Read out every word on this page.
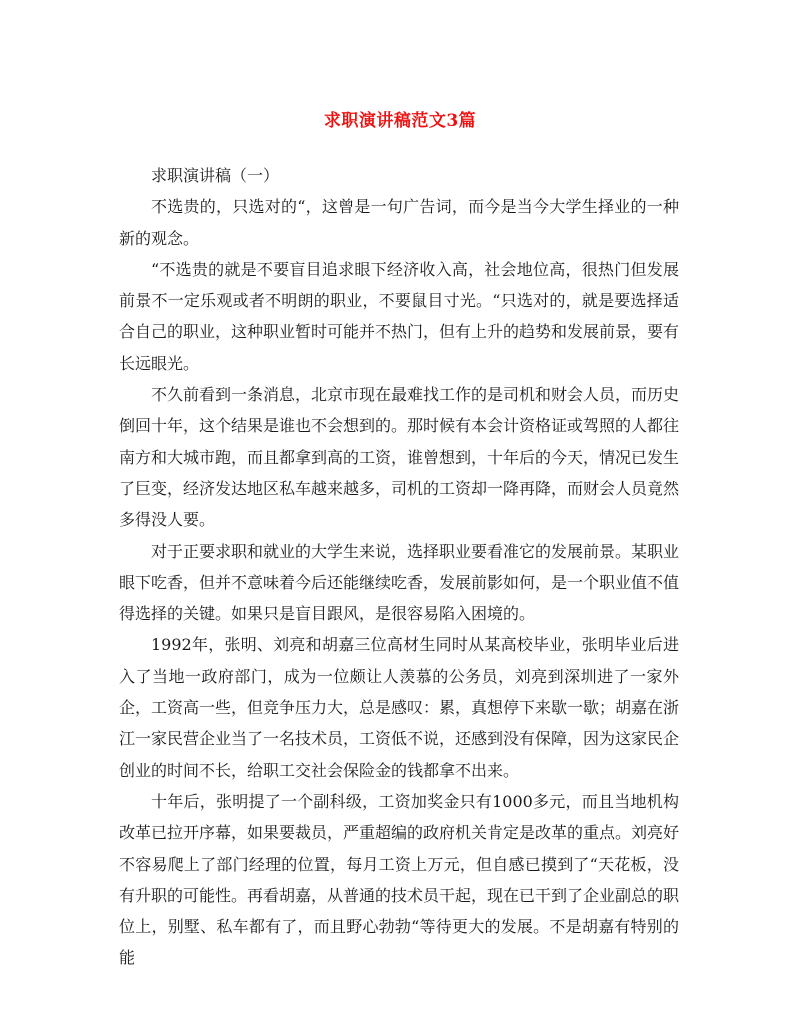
求职演讲稿范文3篇

求职演讲稿（一）

不选贵的，只选对的“，这曾是一句广告词，而今是当今大学生择业的一种新的观念。

“不选贵的就是不要盲目追求眼下经济收入高，社会地位高，很热门但发展前景不一定乐观或者不明朗的职业，不要鼠目寸光。“只选对的，就是要选择适合自己的职业，这种职业暂时可能并不热门，但有上升的趋势和发展前景，要有长远眼光。

不久前看到一条消息，北京市现在最难找工作的是司机和财会人员，而历史倒回十年，这个结果是谁也不会想到的。那时候有本会计资格证或驾照的人都往南方和大城市跑，而且都拿到高的工资，谁曾想到，十年后的今天，情况已发生了巨变，经济发达地区私车越来越多，司机的工资却一降再降，而财会人员竟然多得没人要。

对于正要求职和就业的大学生来说，选择职业要看准它的发展前景。某职业眼下吃香，但并不意味着今后还能继续吃香，发展前影如何，是一个职业值不值得选择的关键。如果只是盲目跟风，是很容易陷入困境的。

1992年，张明、刘亮和胡嘉三位高材生同时从某高校毕业，张明毕业后进入了当地一政府部门，成为一位颇让人羡慕的公务员，刘亮到深圳进了一家外企，工资高一些，但竞争压力大，总是感叹：累，真想停下来歇一歇；胡嘉在浙江一家民营企业当了一名技术员，工资低不说，还感到没有保障，因为这家民企创业的时间不长，给职工交社会保险金的钱都拿不出来。

十年后，张明提了一个副科级，工资加奖金只有1000多元，而且当地机构改革已拉开序幕，如果要裁员，严重超编的政府机关肯定是改革的重点。刘亮好不容易爬上了部门经理的位置，每月工资上万元，但自感已摸到了“天花板，没有升职的可能性。再看胡嘉，从普通的技术员干起，现在已干到了企业副总的职位上，别墅、私车都有了，而且野心勃勃“等待更大的发展。不是胡嘉有特别的能
